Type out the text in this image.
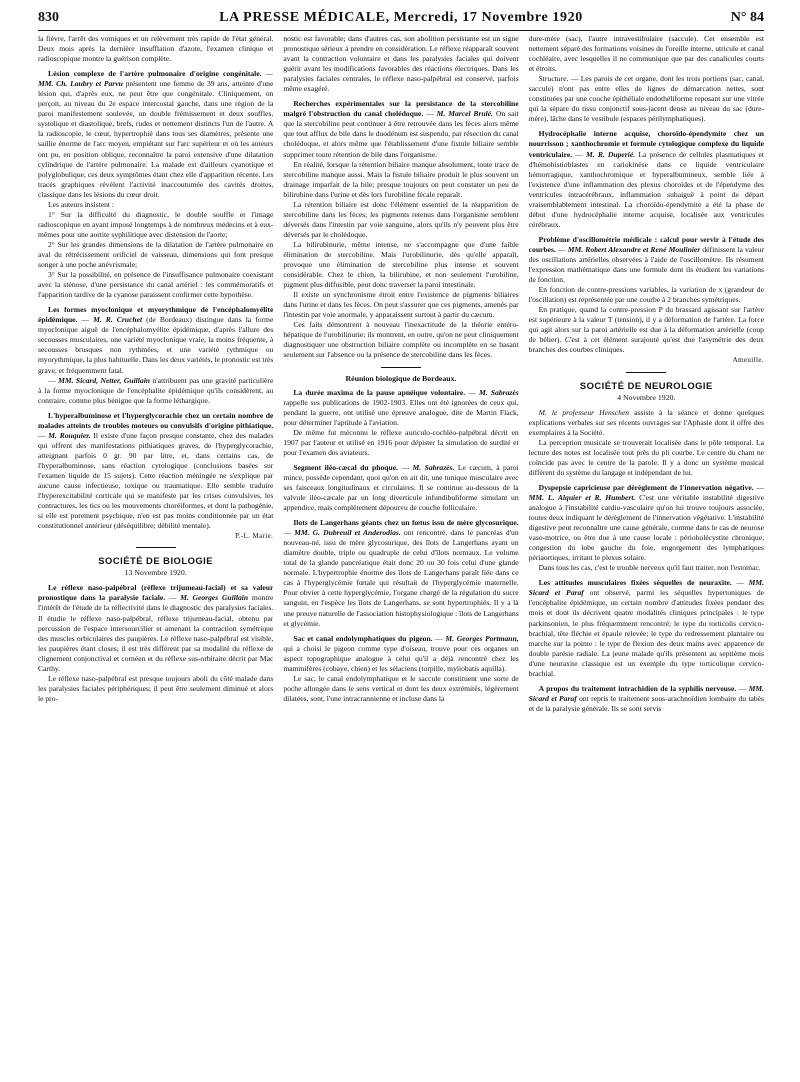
830	LA PRESSE MÉDICALE, Mercredi, 17 Novembre 1920	N° 84

la fièvre, l'arrêt des vomiques et un relèvement très rapide de l'état général. Deux mois après la dernière insufflation d'azote, l'examen clinique et radioscopique montre la guérison complète.

Lésion complexe de l'artère pulmonaire d'origine congénitale. — MM. Ch. Laubry et Parvu présentent une femme de 39 ans, atteinte d'une lésion qui, d'après eux, ne peut être que congénitale. Cliniquement, on perçoit, au niveau du 2e espace intercostal gauche, dans une région de la paroi manifestement soulevée, un double frémissement et deux souffles, systolique et diastolique, brefs, rudes et nettement distincts l'un de l'autre. A la radioscopie, le cœur, hypertrophié dans tous ses diamètres, présente une saillie énorme de l'arc moyen, empiétant sur l'arc supérieur et où les auteurs ont pu, en position oblique, reconnaître la paroi extensive d'une dilatation cylindrique de l'artère pulmonaire. La malade est d'ailleurs cyanotique et polyglobulique, ces deux symptômes étant chez elle d'apparition récente. Les tracés graphiques révèlent l'activité inaccoutumée des cavités droites, classique dans les lésions du cœur droit.

Les auteurs insistent :

1° Sur la difficulté du diagnostic, le double souffle et l'image radioscopique en ayant imposé longtemps à de nombreux médecins et à eux-mêmes pour une aortite syphilitique avec distension de l'aorte;

2° Sur les grandes dimensions de la dilatation de l'artère pulmonaire en aval du rétrécissement orificiel de vaisseau, dimensions qui font presque songer à une poche anévrismale;

3° Sur la possibilité, en présence de l'insuffisance pulmonaire coexistant avec la sténose, d'une persistance du canal artériel : les commémoratifs et l'apparition tardive de la cyanose paraissent confirmer cette hypothèse.

Les formes myoclonique et myorythmique de l'encéphalomyélite épidémique. — M. R. Cruchet (de Bordeaux) distingue dans la forme myoclonique aiguë de l'encéphalomyélite épidémique, d'après l'allure des secousses musculaires, une variété myoclonique vraie, la moins fréquente, à secousses brusques non rythmées, et une variété rythmique ou myorythmique, la plus habituelle. Dans les deux variétés, le pronostic est très grave, et fréquemment fatal.

— MM. Sicard, Netter, Guillain n'attribuent pas une gravité particulière à la forme myoclonique de l'encéphalite épidémique qu'ils considèrent, au contraire, comme plus bénigne que la forme léthargique.

L'hyperalbuminose et l'hyperglycorachie chez un certain nombre de malades atteints de troubles moteurs ou convulsifs d'origine pithiatique. — M. Rouquier. Il existe d'une façon presque constante, chez des malades qui offrent des manifestations pithiatiques graves, de l'hyperglycorachie, atteignant parfois 0 gr. 90 par litre, et, dans certains cas, de l'hyperalbuminose, sans réaction cytologique (conclusions basées sur l'examen liquide de 15 sujets). Cette réaction méningée ne s'explique par aucune cause infectieuse, toxique ou traumatique. Elle semble traduire l'hyperexcitabilité corticale qui se manifeste par les crises convulsives, les contractures, les tics ou les mouvements choréiformes, et dont la pathogénie, si elle est purement psychique, n'en est pas moins conditionnée par un état constitutionnel antérieur (déséquilibre; débilité mentale).

P.-L. Marie.
SOCIÉTÉ DE BIOLOGIE
13 Novembre 1920.

Le réflexe naso-palpébral (réflexe trijumeau-facial) et sa valeur pronostique dans la paralysie faciale. — M. Georges Guillain montre l'intérêt de l'étude de la réflectivité dans le diagnostic des paralysies faciales. Il étudie le réflexe naso-palpébral, réflexe trijumeau-facial, obtenu par percussion de l'espace intersourcilier et amenant la contraction symétrique des muscles orbiculaires des paupières. Le réflexe naso-palpébral est visible, les paupières étant closes; il est très différent par sa modalité du réflexe de clignement conjonctival et cornéen et du réflexe sus-orbitaire décrit par Mac Carthy.

Le réflexe naso-palpébral est presque toujours aboli du côté malade dans les paralysies faciales périphériques; il peut être seulement diminué et alors le pro-

nostic est favorable; dans d'autres cas, son abolition persistante est un signe pronostique sérieux à prendre en considération. Le réflexe réapparaît souvent avant la contraction volontaire et dans les paralysies faciales qui doivent guérir avant les modifications favorables des réactions électriques. Dans les paralysies faciales centrales, le réflexe naso-palpébral est conservé, parfois même exagéré.

Recherches expérimentales sur la persistance de la stercobiline malgré l'obstruction du canal cholédoque. — M. Marcel Brulé. On sait que la stercobiline peut continuer à être retrouvée dans les fèces alors même que tout afflux de bile dans le duodénum est suspendu, par résection du canal cholédoque, et alors même que l'établissement d'une fistule biliaire semble supprimer toute rétention de bile dans l'organisme.

En réalité, lorsque la rétention biliaire manque absolument, toute trace de stercobiline manque aussi. Mais la fistule biliaire produit le plus souvent un drainage imparfait de la bile; presque toujours on peut constater un peu de bilirubine dans l'urine et dès lors l'urobiline fécale reparaît.

La rétention biliaire est donc l'élément essentiel de la réapparition de stercobiline dans les fèces; les pigments retenus dans l'organisme semblent déversés dans l'intestin par voie sanguine, alors qu'ils n'y peuvent plus être déversés par le cholédoque.

La bilirubinurie, même intense, ne s'accompagne que d'une faible élimination de stercobiline. Mais l'urobilinurie, dès qu'elle apparaît, provoque une élimination de stercobiline plus intense et souvent considérable. Chez le chien, la bilirubine, et non seulement l'urobiline, pigment plus diffusible, peut donc traverser la paroi intestinale.

Il existe un synchronisme étroit entre l'existence de pigments biliaires dans l'urine et dans les fèces. On peut s'assurer que ces pigments, amenés par l'intestin par voie anormale, y apparaissent surtout à partir du cæcum.

Ces faits démontrent à nouveau l'inexactitude de la théorie entéro-hépatique de l'urobilinurie; ils montrent, en outre, qu'on ne peut cliniquement diagnostiquer une obstruction biliaire complète ou incomplète en se basant seulement sur l'absence ou la présence de stercobiline dans les fèces.

Réunion biologique de Bordeaux.

La durée maxima de la pause apnéique volontaire. — M. Sabrazès rappelle ses publications de 1902-1903. Elles ont été ignorées de ceux qui, pendant la guerre, ont utilisé une épreuve analogue, dite de Martin Flack, pour déterminer l'aptitude à l'aviation.

De même fut méconnu le réflexe auriculo-cochléo-palpébral décrit en 1907 par l'auteur et utilisé en 1916 pour dépister la simulation de surdité et pour l'examen des aviateurs.

Segment iléo-cæcal du phoque. — M. Sabrazès. Le cæcum, à paroi mince, possède cependant, quoi qu'on en ait dit, une tunique musculaire avec ses faisceaux longitudinaux et circulaires. Il se continue au-dessous de la valvule iléo-cæcale par un long diverticule infundibuliforme simulant un appendice, mais complètement dépourvu de couche folliculaire.

Ilots de Langerhans géants chez un fœtus issu de mère glycosurique. — MM. G. Dubreuil et Anderodias. ont rencontré, dans le pancréas d'un nouveau-né, issu de mère glycosurique, des îlots de Langerhans ayant un diamètre double, triple ou quadruple de celui d'îlots normaux. Le volume total de la glande pancréatique était donc 20 ou 30 fois celui d'une glande normale. L'hypertrophie énorme des îlots de Langerhans paraît liée dans ce cas à l'hyperglycémie fœtale qui résultait de l'hyperglycémie maternelle. Pour obvier à cette hyperglycémie, l'organe chargé de la régulation du sucre sanguin, en l'espèce les îlots de Langerhans, se sont hypertrophiés. Il y a là une preuve naturelle de l'association histophysiologique : îlots de Langerhans et glycémie.

Sac et canal endolymphatiques du pigeon. — M. Georges Portmann, qui a choisi le pigeon comme type d'oiseau, trouve pour ces organes un aspect topographique analogue à celui qu'il a déjà rencontré chez les mammifères (cobaye, chien) et les sélaciens (torpille, myliobatis aquilla).

Le sac, le canal endolymphatique et le saccule constituent une sorte de poche allongée dans le sens vertical et dont les deux extrémités, légèrement dilatées, sont, l'une intracrannienne et incluse dans la

dure-mère (sac), l'autre intravestibulaire (saccule). Cet ensemble est nettement séparé des formations voisines de l'oreille interne, utricule et canal cochléaire, avec lesquelles il ne communique que par des canalicules courts et étroits.

Structure. — Les parois de cet organe, dont les trois portions (sac, canal, saccule) n'ont pas entre elles de lignes de démarcation nettes, sont constituées par une couche épithéliale endothéliforme reposant sur une vitrée qui la sépare du tissu conjonctif sous-jacent dense au niveau du sac (dure-mère), lâche dans le vestibule (espaces périlymphatiques).

Hydrocéphalie interne acquise, choroïdo-épendymite chez un nourrisson ; xanthochromie et formule cytologique complexe du liquide ventriculaire. — M. R. Duperié. La présence de cellules plasmatiques et d'hémohistioblastes en cariokinèse dans ce liquide ventriculaire hémorragique, xanthochromique et hyperalbumineux, semble liée à l'existence d'une inflammation des plexus choroïdes et de l'épendyme des ventricules intracérébraux, inflammation subaiguë à point de départ vraisemblablement intestinal. La choroïdo-épendymite a été la phase de début d'une hydrocéphalie interne acquise, localisée aux ventricules cérébraux.

Problème d'oscillométrie médicale : calcul pour servir à l'étude des courbes. — MM. Robert Alexandre et René Moulinier définissent la valeur des oscillations artérielles observées à l'aide de l'oscillomètre. Ils résument l'expression mathématique dans une formule dont ils étudient les variations de fonction.

En fonction de contre-pressions variables, la variation de x (grandeur de l'oscillation) est représentée par une courbe à 2 branches symétriques.

En pratique, quand la contre-pression P du brassard agissant sur l'artère est supérieure à la valeur T (tension), il y a déformation de l'artère. La force qui agit alors sur la paroi artérielle est due à la déformation artérielle (coup de bélier). C'est à cet élément surajouté qu'est due l'asymétrie des deux branches des courbes cliniques.

Ameuille.
SOCIÉTÉ DE NEUROLOGIE
4 Novembre 1920.

M. le professeur Henschen assiste à la séance et donne quelques explications verbales sur ses récents ouvrages sur l'Aphasie dont il offre des exemplaires à la Société.

La perception musicale se trouverait localisée dans le pôle temporal. La lecture des notes est localisée tout près du pli courbe. Le centre du chant ne coïncide pas avec le centre de la parole. Il y a donc un système musical différent du système du langage et indépendant de lui.

Dyspepsie capricieuse par dérèglement de l'innervation négative. — MM. L. Alquier et R. Humbert. C'est une véritable instabilité digestive analogue à l'instabilité cardio-vasculaire qu'on lui trouve toujours associée, toutes deux indiquant le dérèglement de l'innervation végétative. L'instabilité digestive peut reconnaître une cause générale, comme dans le cas de neurose vaso-motrice, ou être due à une cause locale : périoholécystite chronique, congestion du lobe gauche du foie, engorgement des lymphatiques périaortiques, irritant le plexus solaire.

Dans tous les cas, c'est le trouble nerveux qu'il faut traiter, non l'estomac.

Les attitudes musculaires fixées séquelles de neuraxite. — MM. Sicard et Paraf ont observé, parmi les séquelles hypertoniques de l'encéphalite épidémique, un certain nombre d'attitudes fixées pendant des mois et dont ils décrivent quatre modalités cliniques principales : le type parkinsonien, le plus fréquemment rencontré; le type du torticolis cervico-brachial, tête fléchie et épaule relevée; le type du redressement plantaire ou marche sur la pointe : le type de flexion des deux mains avec apparence de double parésie radiale. La jeune malade qu'ils présentent au septième mois d'une neuraxite classique est un exemple du type torticolique cervico-brachial.

A propos du traitement intrachidien de la syphilis nerveuse. — MM. Sicard et Paraf ont repris le traitement sous-arachnoïdien lombaire du tabès et de la paralysie générale. Ils se sont servis
